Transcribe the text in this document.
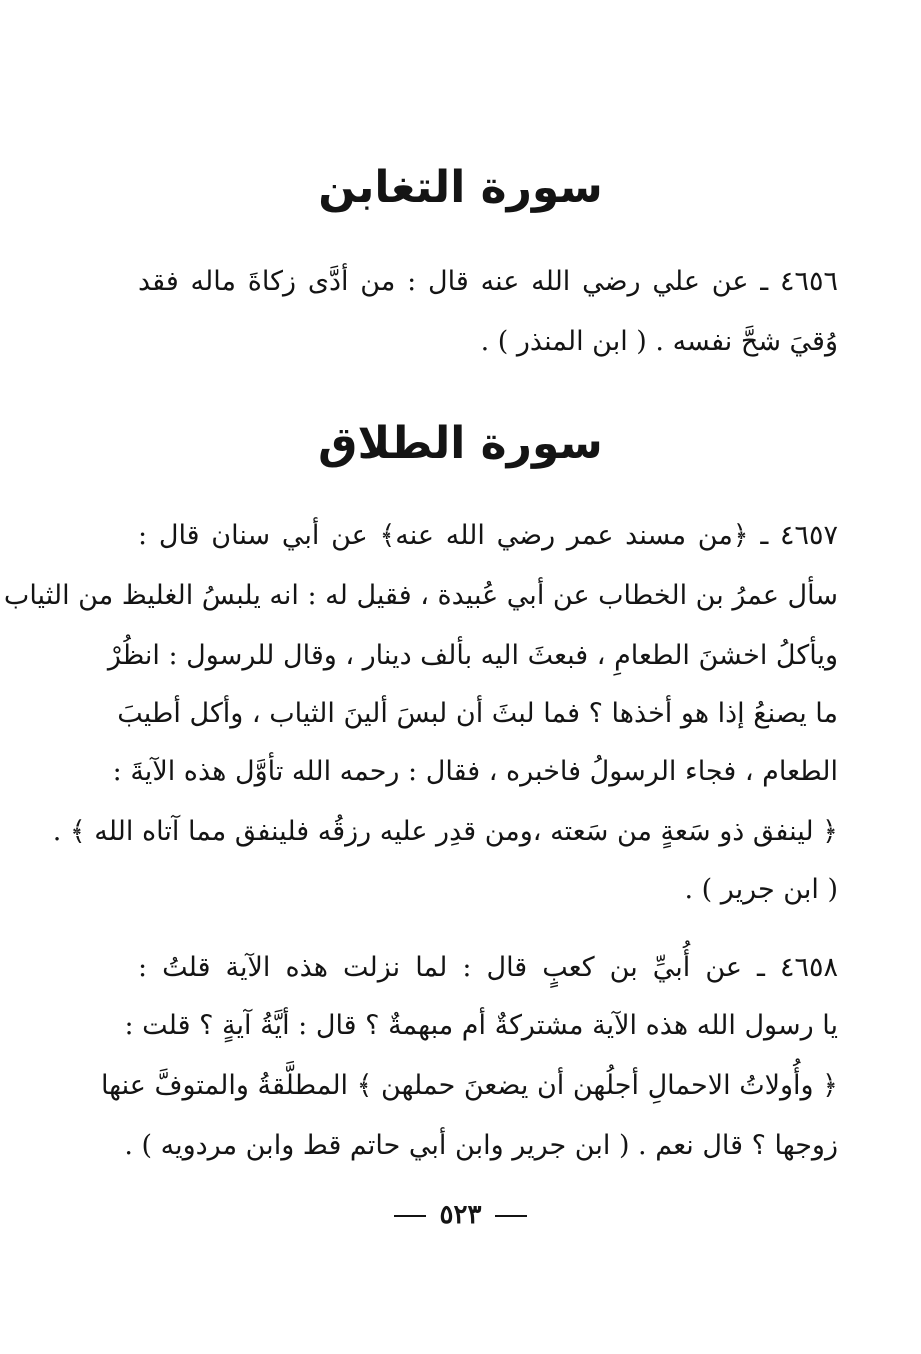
سورة التغابن
٤٦٥٦ ـ عن علي رضي الله عنه قال : من أدَّى زكاةَ ماله فقد
وُقيَ شحَّ نفسه . ( ابن المنذر ) .
سورة الطلاق
٤٦٥٧ ـ ﴿من مسند عمر رضي الله عنه﴾ عن أبي سنان قال :
سأل عمرُ بن الخطاب عن أبي عُبيدة ، فقيل له : انه يلبسُ الغليظ من الثياب
ويأكلُ اخشنَ الطعامِ ، فبعثَ اليه بألف دينار ، وقال للرسول : انظُرْ
ما يصنعُ إذا هو أخذها ؟ فما لبثَ أن لبسَ ألينَ الثياب ، وأكل أطيبَ
الطعام ، فجاء الرسولُ فاخبره ، فقال : رحمه الله تأوَّل هذه الآيةَ :
﴿ لينفق ذو سَعةٍ من سَعته ،ومن قدِر عليه رزقُه فلينفق مما آتاه الله ﴾ .
( ابن جرير ) .
٤٦٥٨ ـ عن أُبيِّ بن كعبٍ قال : لما نزلت هذه الآية قلتُ :
يا رسول الله هذه الآية مشتركةٌ أم مبهمةٌ ؟ قال : أيَّةُ آيةٍ ؟ قلت :
﴿ وأُولاتُ الاحمالِ أجلُهن أن يضعنَ حملهن ﴾ المطلَّقةُ والمتوفَّ عنها
زوجها ؟ قال نعم . ( ابن جرير وابن أبي حاتم قط وابن مردويه ) .
٥٢٣
